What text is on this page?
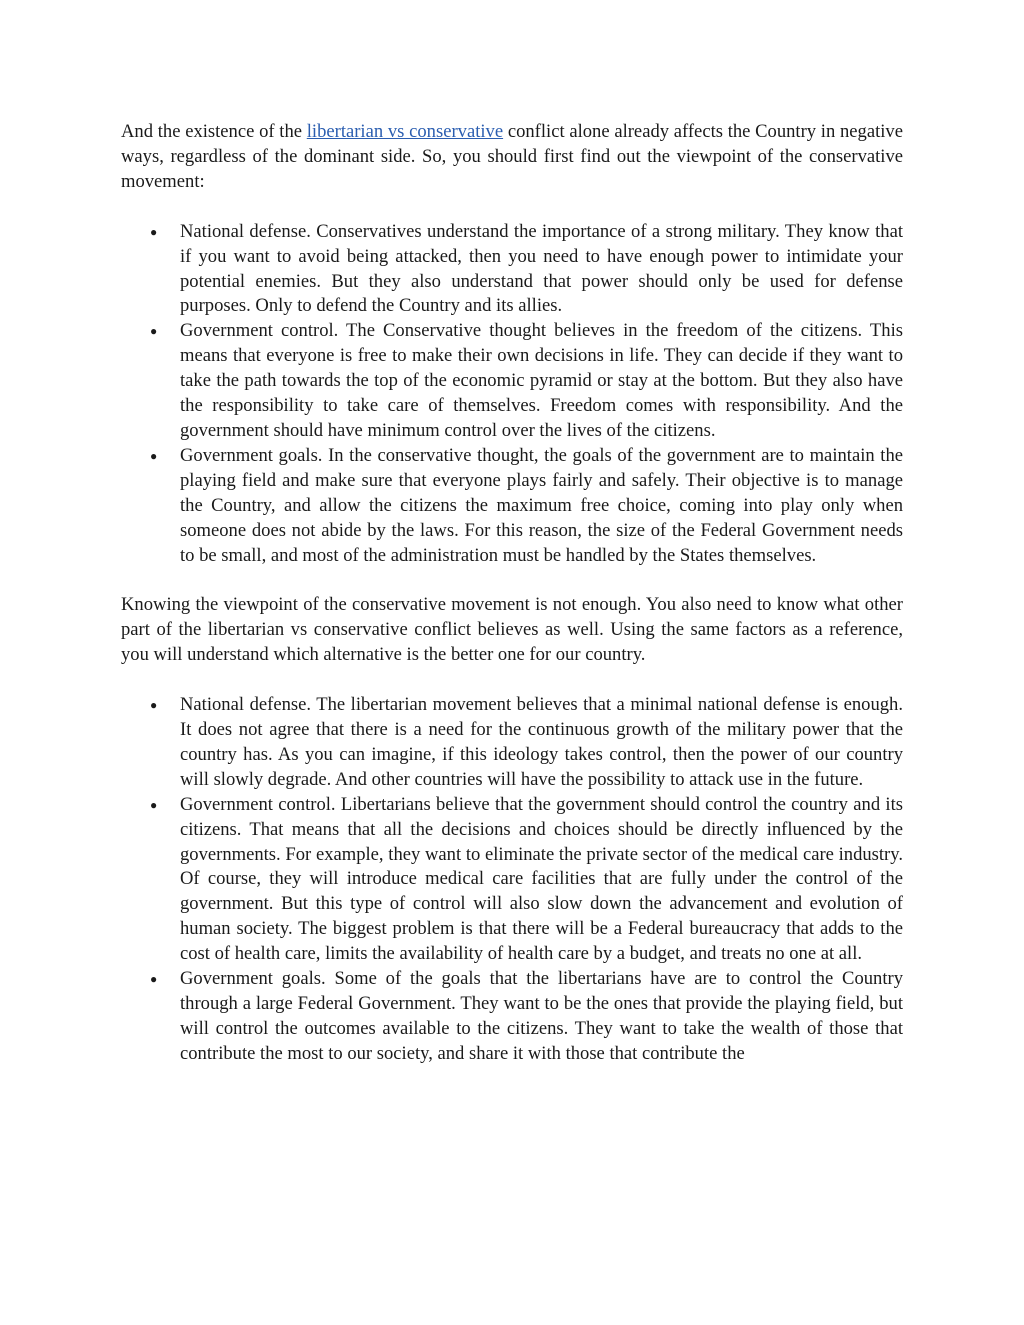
And the existence of the libertarian vs conservative conflict alone already affects the Country in negative ways, regardless of the dominant side. So, you should first find out the viewpoint of the conservative movement:

● National defense. Conservatives understand the importance of a strong military. They know that if you want to avoid being attacked, then you need to have enough power to intimidate your potential enemies. But they also understand that power should only be used for defense purposes. Only to defend the Country and its allies.
● Government control. The Conservative thought believes in the freedom of the citizens. This means that everyone is free to make their own decisions in life. They can decide if they want to take the path towards the top of the economic pyramid or stay at the bottom. But they also have the responsibility to take care of themselves. Freedom comes with responsibility. And the government should have minimum control over the lives of the citizens.
● Government goals. In the conservative thought, the goals of the government are to maintain the playing field and make sure that everyone plays fairly and safely. Their objective is to manage the Country, and allow the citizens the maximum free choice, coming into play only when someone does not abide by the laws. For this reason, the size of the Federal Government needs to be small, and most of the administration must be handled by the States themselves.

Knowing the viewpoint of the conservative movement is not enough. You also need to know what other part of the libertarian vs conservative conflict believes as well. Using the same factors as a reference, you will understand which alternative is the better one for our country.

● National defense. The libertarian movement believes that a minimal national defense is enough. It does not agree that there is a need for the continuous growth of the military power that the country has. As you can imagine, if this ideology takes control, then the power of our country will slowly degrade. And other countries will have the possibility to attack use in the future.
● Government control. Libertarians believe that the government should control the country and its citizens. That means that all the decisions and choices should be directly influenced by the governments. For example, they want to eliminate the private sector of the medical care industry. Of course, they will introduce medical care facilities that are fully under the control of the government. But this type of control will also slow down the advancement and evolution of human society. The biggest problem is that there will be a Federal bureaucracy that adds to the cost of health care, limits the availability of health care by a budget, and treats no one at all.
● Government goals. Some of the goals that the libertarians have are to control the Country through a large Federal Government. They want to be the ones that provide the playing field, but will control the outcomes available to the citizens. They want to take the wealth of those that contribute the most to our society, and share it with those that contribute the
